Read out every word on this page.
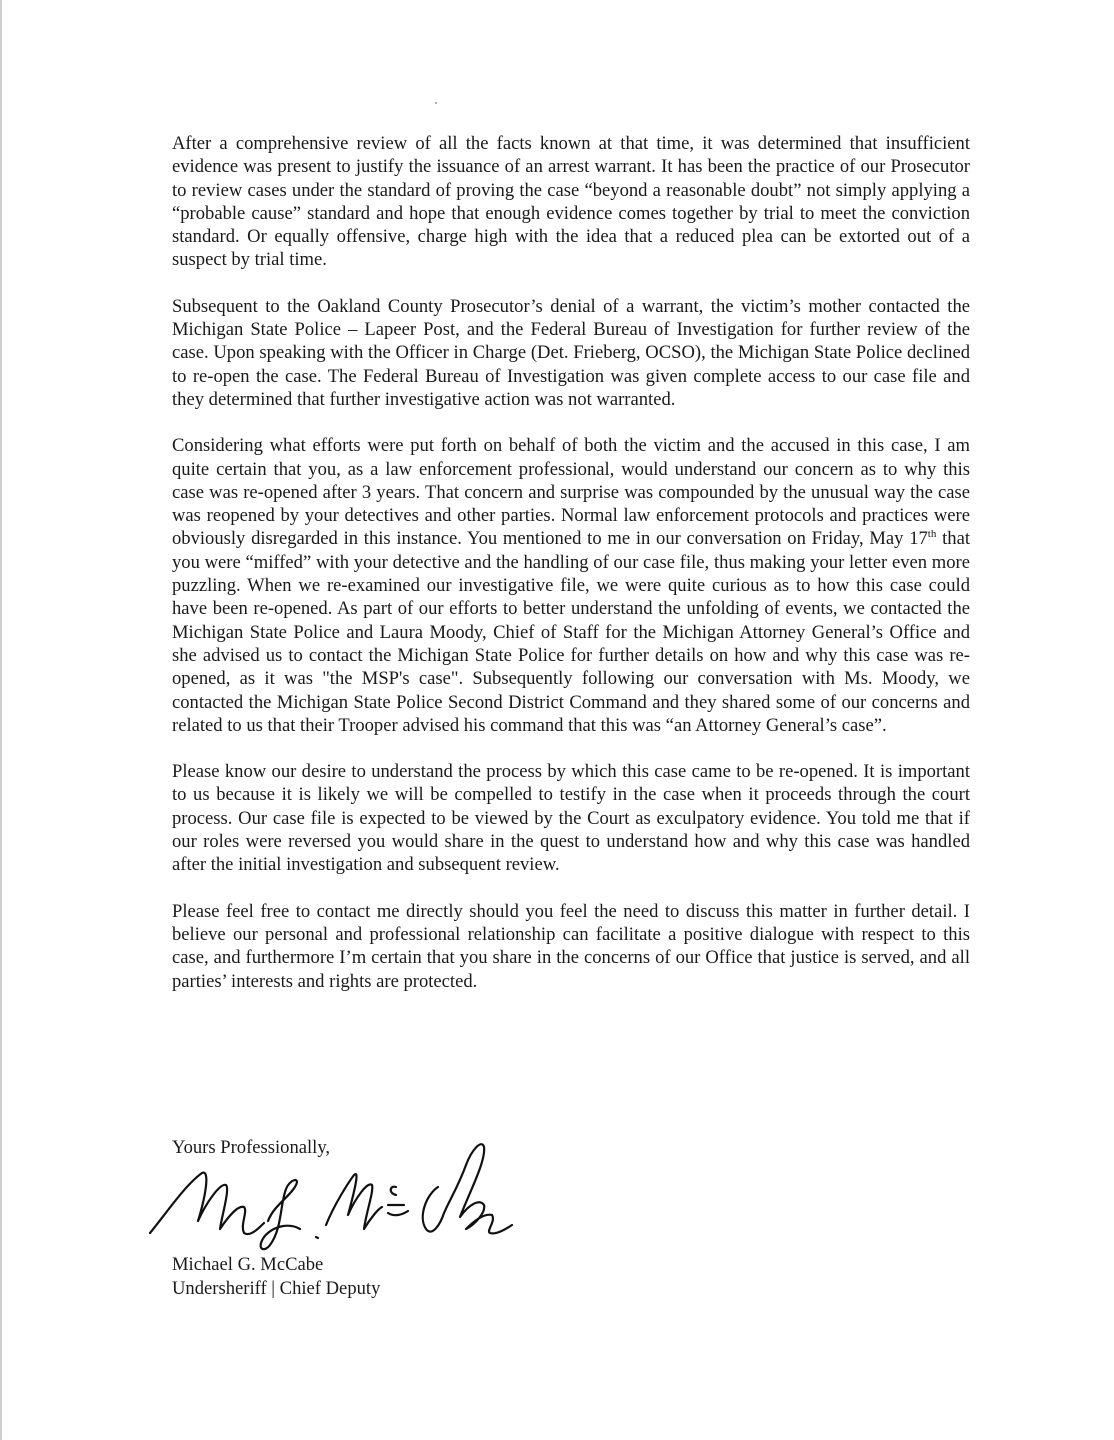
After a comprehensive review of all the facts known at that time, it was determined that insufficient evidence was present to justify the issuance of an arrest warrant. It has been the practice of our Prosecutor to review cases under the standard of proving the case “beyond a reasonable doubt” not simply applying a “probable cause” standard and hope that enough evidence comes together by trial to meet the conviction standard. Or equally offensive, charge high with the idea that a reduced plea can be extorted out of a suspect by trial time.

Subsequent to the Oakland County Prosecutor’s denial of a warrant, the victim’s mother contacted the Michigan State Police – Lapeer Post, and the Federal Bureau of Investigation for further review of the case. Upon speaking with the Officer in Charge (Det. Frieberg, OCSO), the Michigan State Police declined to re-open the case. The Federal Bureau of Investigation was given complete access to our case file and they determined that further investigative action was not warranted.

Considering what efforts were put forth on behalf of both the victim and the accused in this case, I am quite certain that you, as a law enforcement professional, would understand our concern as to why this case was re-opened after 3 years. That concern and surprise was compounded by the unusual way the case was reopened by your detectives and other parties. Normal law enforcement protocols and practices were obviously disregarded in this instance. You mentioned to me in our conversation on Friday, May 17th that you were “miffed” with your detective and the handling of our case file, thus making your letter even more puzzling. When we re-examined our investigative file, we were quite curious as to how this case could have been re-opened. As part of our efforts to better understand the unfolding of events, we contacted the Michigan State Police and Laura Moody, Chief of Staff for the Michigan Attorney General’s Office and she advised us to contact the Michigan State Police for further details on how and why this case was re-opened, as it was "the MSP's case". Subsequently following our conversation with Ms. Moody, we contacted the Michigan State Police Second District Command and they shared some of our concerns and related to us that their Trooper advised his command that this was “an Attorney General’s case”.

Please know our desire to understand the process by which this case came to be re-opened. It is important to us because it is likely we will be compelled to testify in the case when it proceeds through the court process. Our case file is expected to be viewed by the Court as exculpatory evidence. You told me that if our roles were reversed you would share in the quest to understand how and why this case was handled after the initial investigation and subsequent review.

Please feel free to contact me directly should you feel the need to discuss this matter in further detail. I believe our personal and professional relationship can facilitate a positive dialogue with respect to this case, and furthermore I’m certain that you share in the concerns of our Office that justice is served, and all parties’ interests and rights are protected.

Yours Professionally,
M. G. McCabe
Michael G. McCabe
Undersheriff | Chief Deputy
